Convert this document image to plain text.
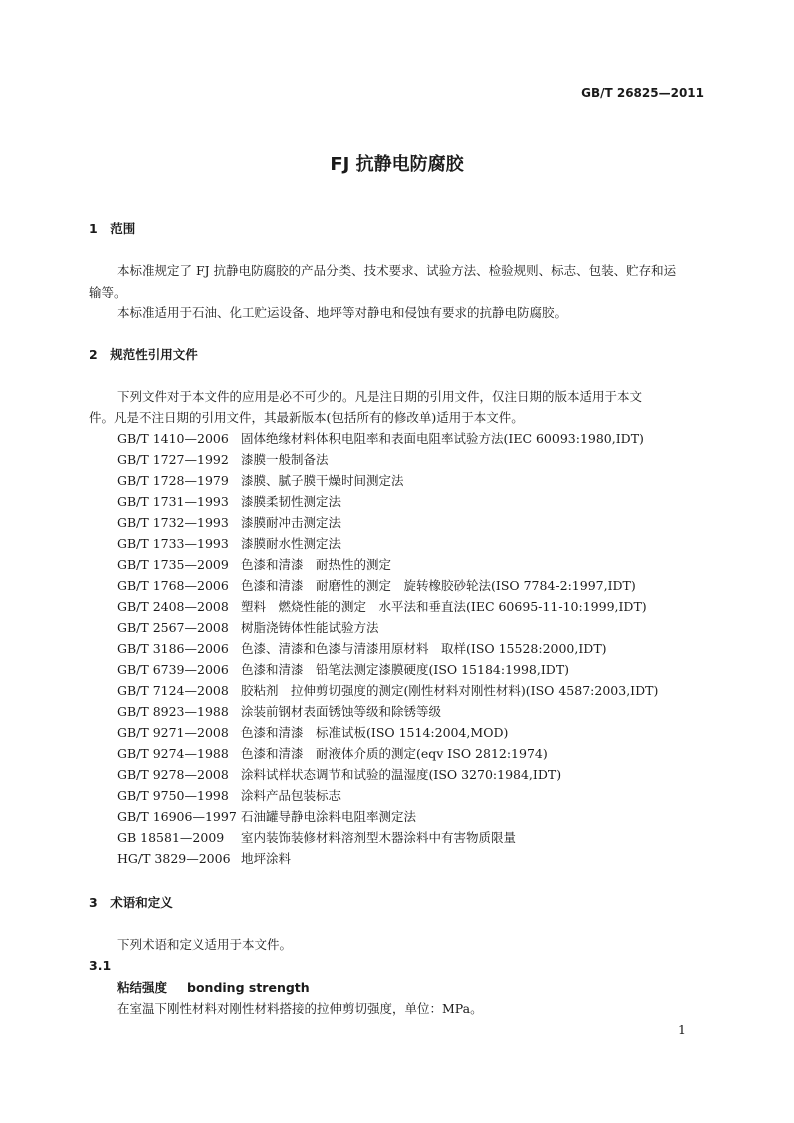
GB/T 26825—2011
FJ 抗静电防腐胶
1　范围
本标准规定了 FJ 抗静电防腐胶的产品分类、技术要求、试验方法、检验规则、标志、包装、贮存和运
输等。
本标准适用于石油、化工贮运设备、地坪等对静电和侵蚀有要求的抗静电防腐胶。
2　规范性引用文件
下列文件对于本文件的应用是必不可少的。凡是注日期的引用文件，仅注日期的版本适用于本文
件。凡是不注日期的引用文件，其最新版本(包括所有的修改单)适用于本文件。
GB/T 1410—2006 固体绝缘材料体积电阻率和表面电阻率试验方法(IEC 60093:1980,IDT)
GB/T 1727—1992 漆膜一般制备法
GB/T 1728—1979 漆膜、腻子膜干燥时间测定法
GB/T 1731—1993 漆膜柔韧性测定法
GB/T 1732—1993 漆膜耐冲击测定法
GB/T 1733—1993 漆膜耐水性测定法
GB/T 1735—2009 色漆和清漆　耐热性的测定
GB/T 1768—2006 色漆和清漆　耐磨性的测定　旋转橡胶砂轮法(ISO 7784-2:1997,IDT)
GB/T 2408—2008 塑料　燃烧性能的测定　水平法和垂直法(IEC 60695-11-10:1999,IDT)
GB/T 2567—2008 树脂浇铸体性能试验方法
GB/T 3186—2006 色漆、清漆和色漆与清漆用原材料　取样(ISO 15528:2000,IDT)
GB/T 6739—2006 色漆和清漆　铅笔法测定漆膜硬度(ISO 15184:1998,IDT)
GB/T 7124—2008 胶粘剂　拉伸剪切强度的测定(刚性材料对刚性材料)(ISO 4587:2003,IDT)
GB/T 8923—1988 涂装前钢材表面锈蚀等级和除锈等级
GB/T 9271—2008 色漆和清漆　标准试板(ISO 1514:2004,MOD)
GB/T 9274—1988 色漆和清漆　耐液体介质的测定(eqv ISO 2812:1974)
GB/T 9278—2008 涂料试样状态调节和试验的温湿度(ISO 3270:1984,IDT)
GB/T 9750—1998 涂料产品包装标志
GB/T 16906—1997 石油罐导静电涂料电阻率测定法
GB 18581—2009 室内装饰装修材料溶剂型木器涂料中有害物质限量
HG/T 3829—2006 地坪涂料
3　术语和定义
下列术语和定义适用于本文件。
3.1
粘结强度 bonding strength
在室温下刚性材料对刚性材料搭接的拉伸剪切强度，单位：MPa。
1
